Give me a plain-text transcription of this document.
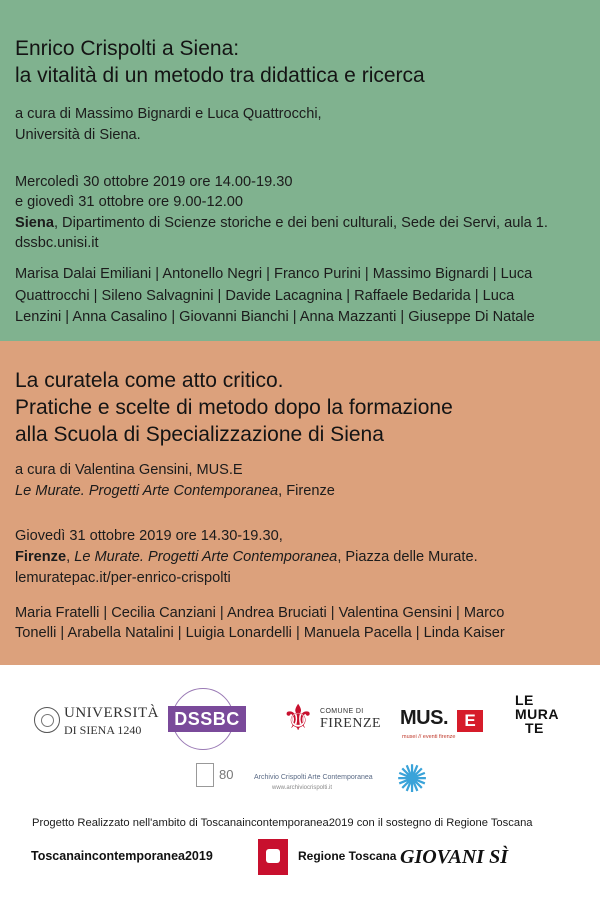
Enrico Crispolti a Siena:
la vitalità di un metodo tra didattica e ricerca
a cura di Massimo Bignardi e Luca Quattrocchi,
Università di Siena.
Mercoledì 30 ottobre 2019 ore 14.00-19.30
e giovedì 31 ottobre ore 9.00-12.00
Siena, Dipartimento di Scienze storiche e dei beni culturali, Sede dei Servi, aula 1.
dssbc.unisi.it
Marisa Dalai Emiliani | Antonello Negri | Franco Purini | Massimo Bignardi | Luca
Quattrocchi | Sileno Salvagnini | Davide Lacagnina | Raffaele Bedarida | Luca
Lenzini | Anna Casalino | Giovanni Bianchi | Anna Mazzanti | Giuseppe Di Natale
La curatela come atto critico.
Pratiche e scelte di metodo dopo la formazione
alla Scuola di Specializzazione di Siena
a cura di Valentina Gensini, MUS.E
Le Murate. Progetti Arte Contemporanea, Firenze
Giovedì 31 ottobre 2019 ore 14.30-19.30,
Firenze, Le Murate. Progetti Arte Contemporanea, Piazza delle Murate.
lemuratepac.it/per-enrico-crispolti
Maria Fratelli | Cecilia Canziani | Andrea Bruciati | Valentina Gensini | Marco
Tonelli | Arabella Natalini | Luigia Lonardelli | Manuela Pacella | Linda Kaiser
UNIVERSITÀ
DI SIENA 1240
DSSBC ⚜ COMUNE DI
FIRENZE MUS. E
musei // eventi firenze
LE
MURA
TE
80	Archivio Crispolti Arte Contemporanea
www.archiviocrispolti.it ✺
Progetto Realizzato nell'ambito di Toscanaincontemporanea2019 con il sostegno di Regione Toscana
Toscanaincontemporanea2019	Regione Toscana GIOVANI SÌ
